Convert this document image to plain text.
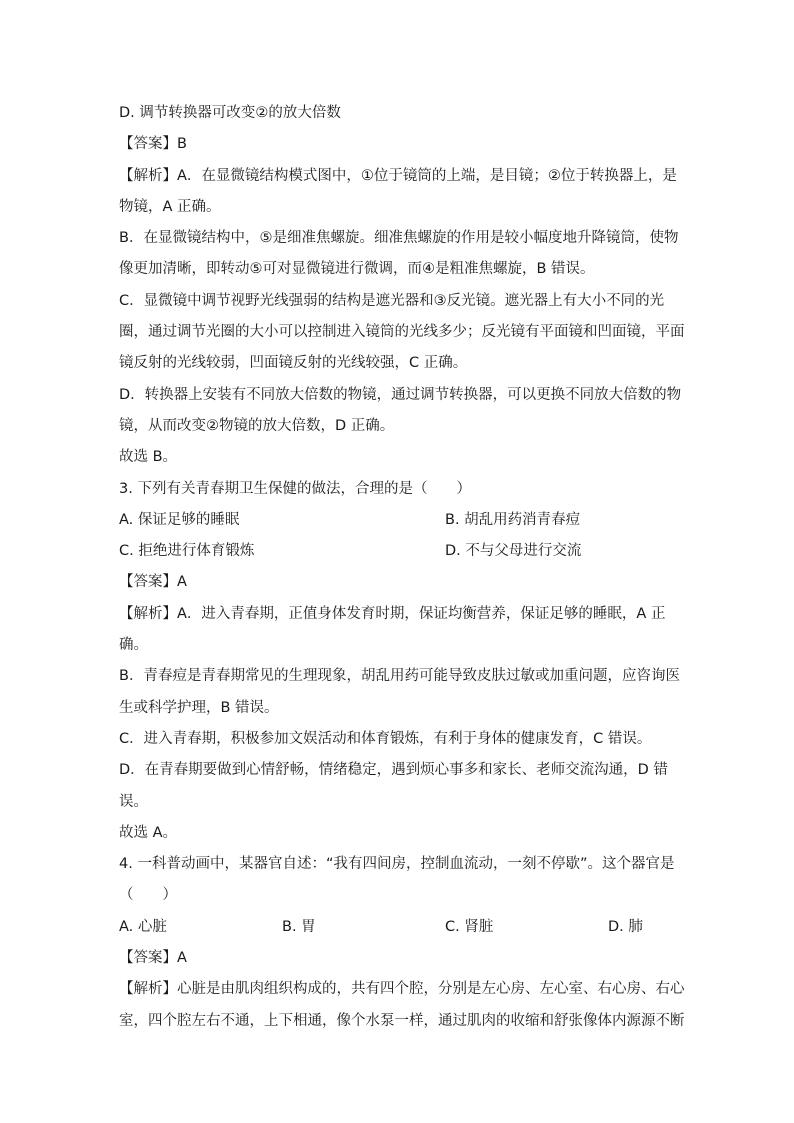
D. 调节转换器可改变②的放大倍数
【答案】B
【解析】A．在显微镜结构模式图中，①位于镜筒的上端，是目镜；②位于转换器上，是
物镜，A 正确。
B．在显微镜结构中，⑤是细准焦螺旋。细准焦螺旋的作用是较小幅度地升降镜筒，使物
像更加清晰，即转动⑤可对显微镜进行微调，而④是粗准焦螺旋，B 错误。
C．显微镜中调节视野光线强弱的结构是遮光器和③反光镜。遮光器上有大小不同的光
圈，通过调节光圈的大小可以控制进入镜筒的光线多少；反光镜有平面镜和凹面镜，平面
镜反射的光线较弱，凹面镜反射的光线较强，C 正确。
D．转换器上安装有不同放大倍数的物镜，通过调节转换器，可以更换不同放大倍数的物
镜，从而改变②物镜的放大倍数，D 正确。
故选 B。
3. 下列有关青春期卫生保健的做法，合理的是（　　）
A. 保证足够的睡眠	B. 胡乱用药消青春痘
C. 拒绝进行体育锻炼	D. 不与父母进行交流
【答案】A
【解析】A．进入青春期，正值身体发育时期，保证均衡营养，保证足够的睡眠，A 正
确。
B．青春痘是青春期常见的生理现象，胡乱用药可能导致皮肤过敏或加重问题，应咨询医
生或科学护理，B 错误。
C．进入青春期，积极参加文娱活动和体育锻炼，有利于身体的健康发育，C 错误。
D．在青春期要做到心情舒畅，情绪稳定，遇到烦心事多和家长、老师交流沟通，D 错
误。
故选 A。
4. 一科普动画中，某器官自述：“我有四间房，控制血流动，一刻不停歇”。这个器官是
（　　）
A. 心脏	B. 胃	C. 肾脏	D. 肺
【答案】A
【解析】心脏是由肌肉组织构成的，共有四个腔，分别是左心房、左心室、右心房、右心
室，四个腔左右不通，上下相通，像个水泵一样，通过肌肉的收缩和舒张像体内源源不断
